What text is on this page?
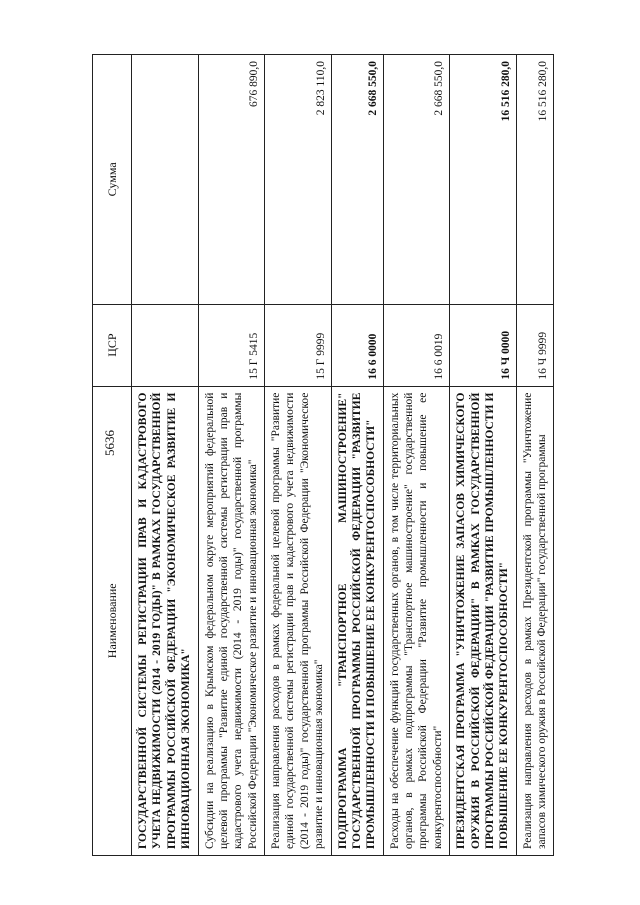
5636
Наименование	ЦСР	Сумма
ГОСУДАРСТВЕННОЙ СИСТЕМЫ РЕГИСТРАЦИИ ПРАВ И КАДАСТРОВОГО УЧЕТА НЕДВИЖИМОСТИ (2014 - 2019 ГОДЫ)" В РАМКАХ ГОСУДАРСТВЕННОЙ ПРОГРАММЫ РОССИЙСКОЙ ФЕДЕРАЦИИ "ЭКОНОМИЧЕСКОЕ РАЗВИТИЕ И ИННОВАЦИОННАЯ ЭКОНОМИКА"		
Субсидии на реализацию в Крымском федеральном округе мероприятий федеральной целевой программы "Развитие единой государственной системы регистрации прав и кадастрового учета недвижимости (2014 - 2019 годы)" государственной программы Российской Федерации "Экономическое развитие и инновационная экономика"	15 Г 5415	676 890,0
Реализация направления расходов в рамках федеральной целевой программы "Развитие единой государственной системы регистрации прав и кадастрового учета недвижимости (2014 - 2019 годы)" государственной программы Российской Федерации "Экономическое развитие и инновационная экономика"	15 Г 9999	2 823 110,0
ПОДПРОГРАММА "ТРАНСПОРТНОЕ МАШИНОСТРОЕНИЕ" ГОСУДАРСТВЕННОЙ ПРОГРАММЫ РОССИЙСКОЙ ФЕДЕРАЦИИ "РАЗВИТИЕ ПРОМЫШЛЕННОСТИ И ПОВЫШЕНИЕ ЕЕ КОНКУРЕНТОСПОСОБНОСТИ"	16 6 0000	2 668 550,0
Расходы на обеспечение функций государственных органов, в том числе территориальных органов, в рамках подпрограммы "Транспортное машиностроение" государственной программы Российской Федерации "Развитие промышленности и повышение ее конкурентоспособности"	16 6 0019	2 668 550,0
ПРЕЗИДЕНТСКАЯ ПРОГРАММА "УНИЧТОЖЕНИЕ ЗАПАСОВ ХИМИЧЕСКОГО ОРУЖИЯ В РОССИЙСКОЙ ФЕДЕРАЦИИ" В РАМКАХ ГОСУДАРСТВЕННОЙ ПРОГРАММЫ РОССИЙСКОЙ ФЕДЕРАЦИИ "РАЗВИТИЕ ПРОМЫШЛЕННОСТИ И ПОВЫШЕНИЕ ЕЕ КОНКУРЕНТОСПОСОБНОСТИ"	16 Ч 0000	16 516 280,0
Реализация направления расходов в рамках Президентской программы "Уничтожение запасов химического оружия в Российской Федерации" государственной программы	16 Ч 9999	16 516 280,0
